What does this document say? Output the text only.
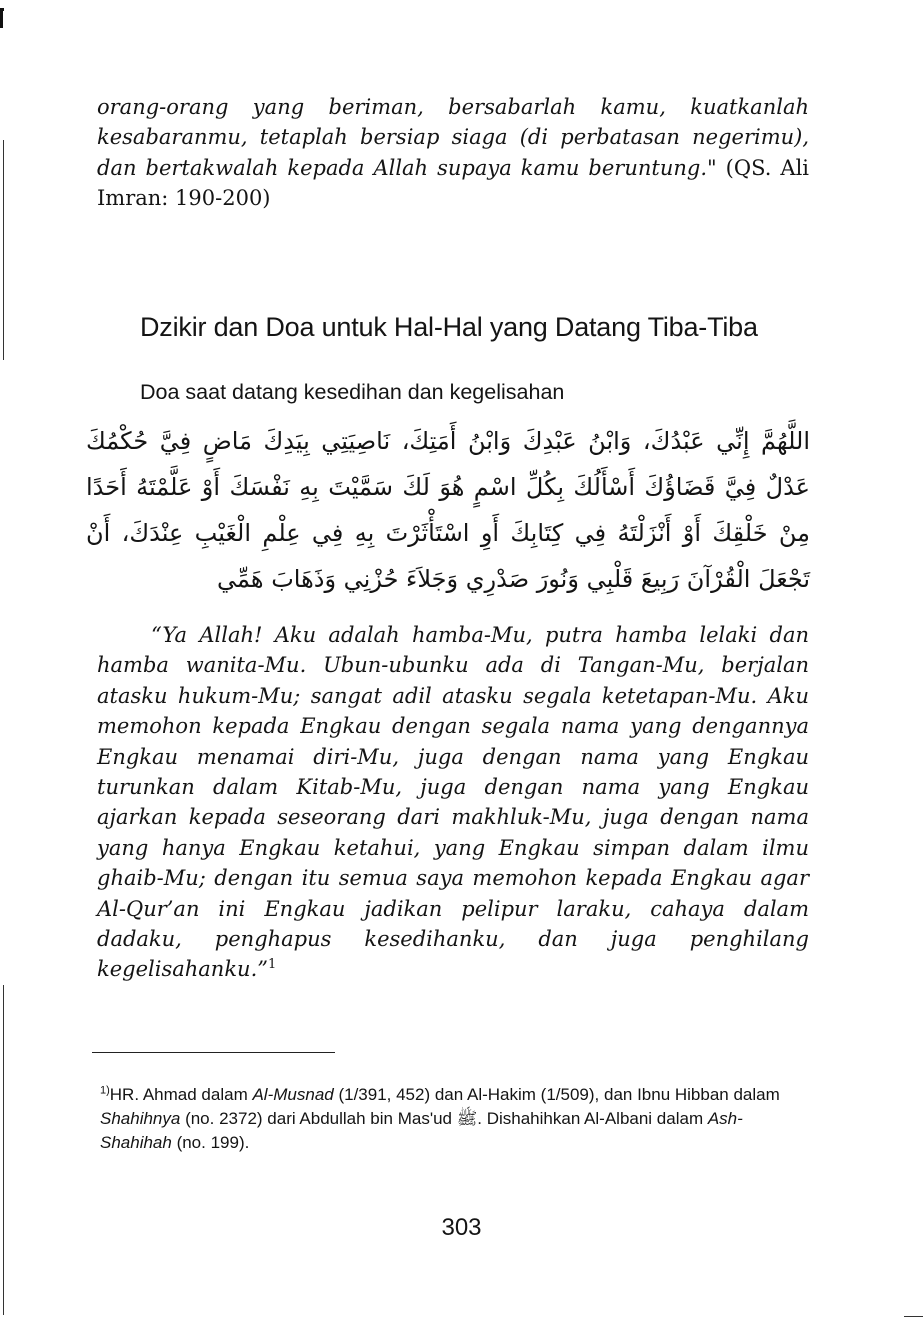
orang-orang yang beriman, bersabarlah kamu, kuatkanlah kesabaranmu, tetaplah bersiap siaga (di perbatasan negerimu), dan bertakwalah kepada Allah supaya kamu beruntung." (QS. Ali Imran: 190-200)

Dzikir dan Doa untuk Hal-Hal yang Datang Tiba-Tiba
Doa saat datang kesedihan dan kegelisahan

اللَّهُمَّ إِنِّي عَبْدُكَ، وَابْنُ عَبْدِكَ وَابْنُ أَمَتِكَ، نَاصِيَتِي بِيَدِكَ مَاضٍ فِيَّ حُكْمُكَ عَدْلٌ فِيَّ قَضَاؤُكَ أَسْأَلُكَ بِكُلِّ اسْمٍ هُوَ لَكَ سَمَّيْتَ بِهِ نَفْسَكَ أَوْ عَلَّمْتَهُ أَحَدًا مِنْ خَلْقِكَ أَوْ أَنْزَلْتَهُ فِي كِتَابِكَ أَوِ اسْتَأْثَرْتَ بِهِ فِي عِلْمِ الْغَيْبِ عِنْدَكَ، أَنْ تَجْعَلَ الْقُرْآنَ رَبِيعَ قَلْبِي وَنُورَ صَدْرِي وَجَلاَءَ حُزْنِي وَذَهَابَ هَمِّي

“Ya Allah! Aku adalah hamba-Mu, putra hamba lelaki dan hamba wanita-Mu. Ubun-ubunku ada di Tangan-Mu, berjalan atasku hukum-Mu; sangat adil atasku segala ketetapan-Mu. Aku memohon kepada Engkau dengan segala nama yang dengannya Engkau menamai diri-Mu, juga dengan nama yang Engkau turunkan dalam Kitab-Mu, juga dengan nama yang Engkau ajarkan kepada seseorang dari makhluk-Mu, juga dengan nama yang hanya Engkau ketahui, yang Engkau simpan dalam ilmu ghaib-Mu; dengan itu semua saya memohon kepada Engkau agar Al-Qur’an ini Engkau jadikan pelipur laraku, cahaya dalam dadaku, penghapus kesedihanku, dan juga penghilang kegelisahanku.”$^1$

$^{1)}$HR. Ahmad dalam Al-Musnad (1/391, 452) dan Al-Hakim (1/509), dan Ibnu Hibban dalam Shahihnya (no. 2372) dari Abdullah bin Mas'ud ﷺ. Dishahihkan Al-Albani dalam Ash-Shahihah (no. 199).

303
